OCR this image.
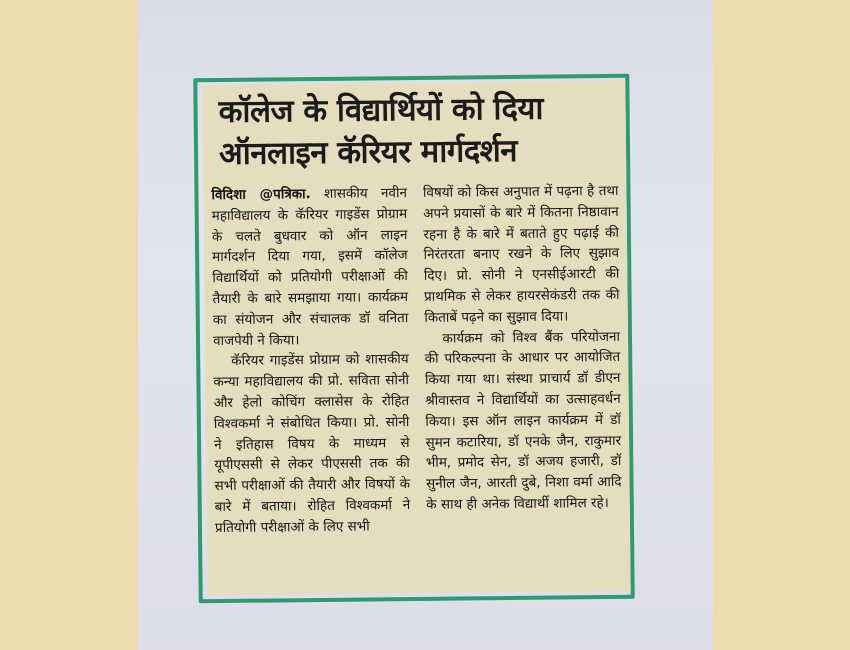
कॉलेज के विद्यार्थियों को दिया
ऑनलाइन कॅरियर मार्गदर्शन

विदिशा @पत्रिका. शासकीय नवीन महाविद्यालय के कॅरियर गाइडेंस प्रोग्राम के चलते बुधवार को ऑन लाइन मार्गदर्शन दिया गया, इसमें कॉलेज विद्यार्थियों को प्रतियोगी परीक्षाओं की तैयारी के बारे समझाया गया। कार्यक्रम का संयोजन और संचालक डॉ वनिता वाजपेयी ने किया।

कॅरियर गाइडेंस प्रोग्राम को शासकीय कन्या महाविद्यालय की प्रो. सविता सोनी और हेलो कोचिंग क्लासेस के रोहित विश्वकर्मा ने संबोधित किया। प्रो. सोनी ने इतिहास विषय के माध्यम से यूपीएससी से लेकर पीएससी तक की सभी परीक्षाओं की तैयारी और विषयों के बारे में बताया। रोहित विश्वकर्मा ने प्रतियोगी परीक्षाओं के लिए सभी

विषयों को किस अनुपात में पढ़ना है तथा अपने प्रयासों के बारे में कितना निष्ठावान रहना है के बारे में बताते हुए पढ़ाई की निरंतरता बनाए रखने के लिए सुझाव दिए। प्रो. सोनी ने एनसीईआरटी की प्राथमिक से लेकर हायरसेकंडरी तक की किताबें पढ़ने का सुझाव दिया।

कार्यक्रम को विश्व बैंक परियोजना की परिकल्पना के आधार पर आयोजित किया गया था। संस्था प्राचार्य डॉ डीएन श्रीवास्तव ने विद्यार्थियों का उत्साहवर्धन किया। इस ऑन लाइन कार्यक्रम में डॉ सुमन कटारिया, डॉ एनके जैन, राकुमार भीम, प्रमोद सेन, डॉ अजय हजारी, डॉ सुनील जैन, आरती दुबे, निशा वर्मा आदि के साथ ही अनेक विद्यार्थी शामिल रहे।
